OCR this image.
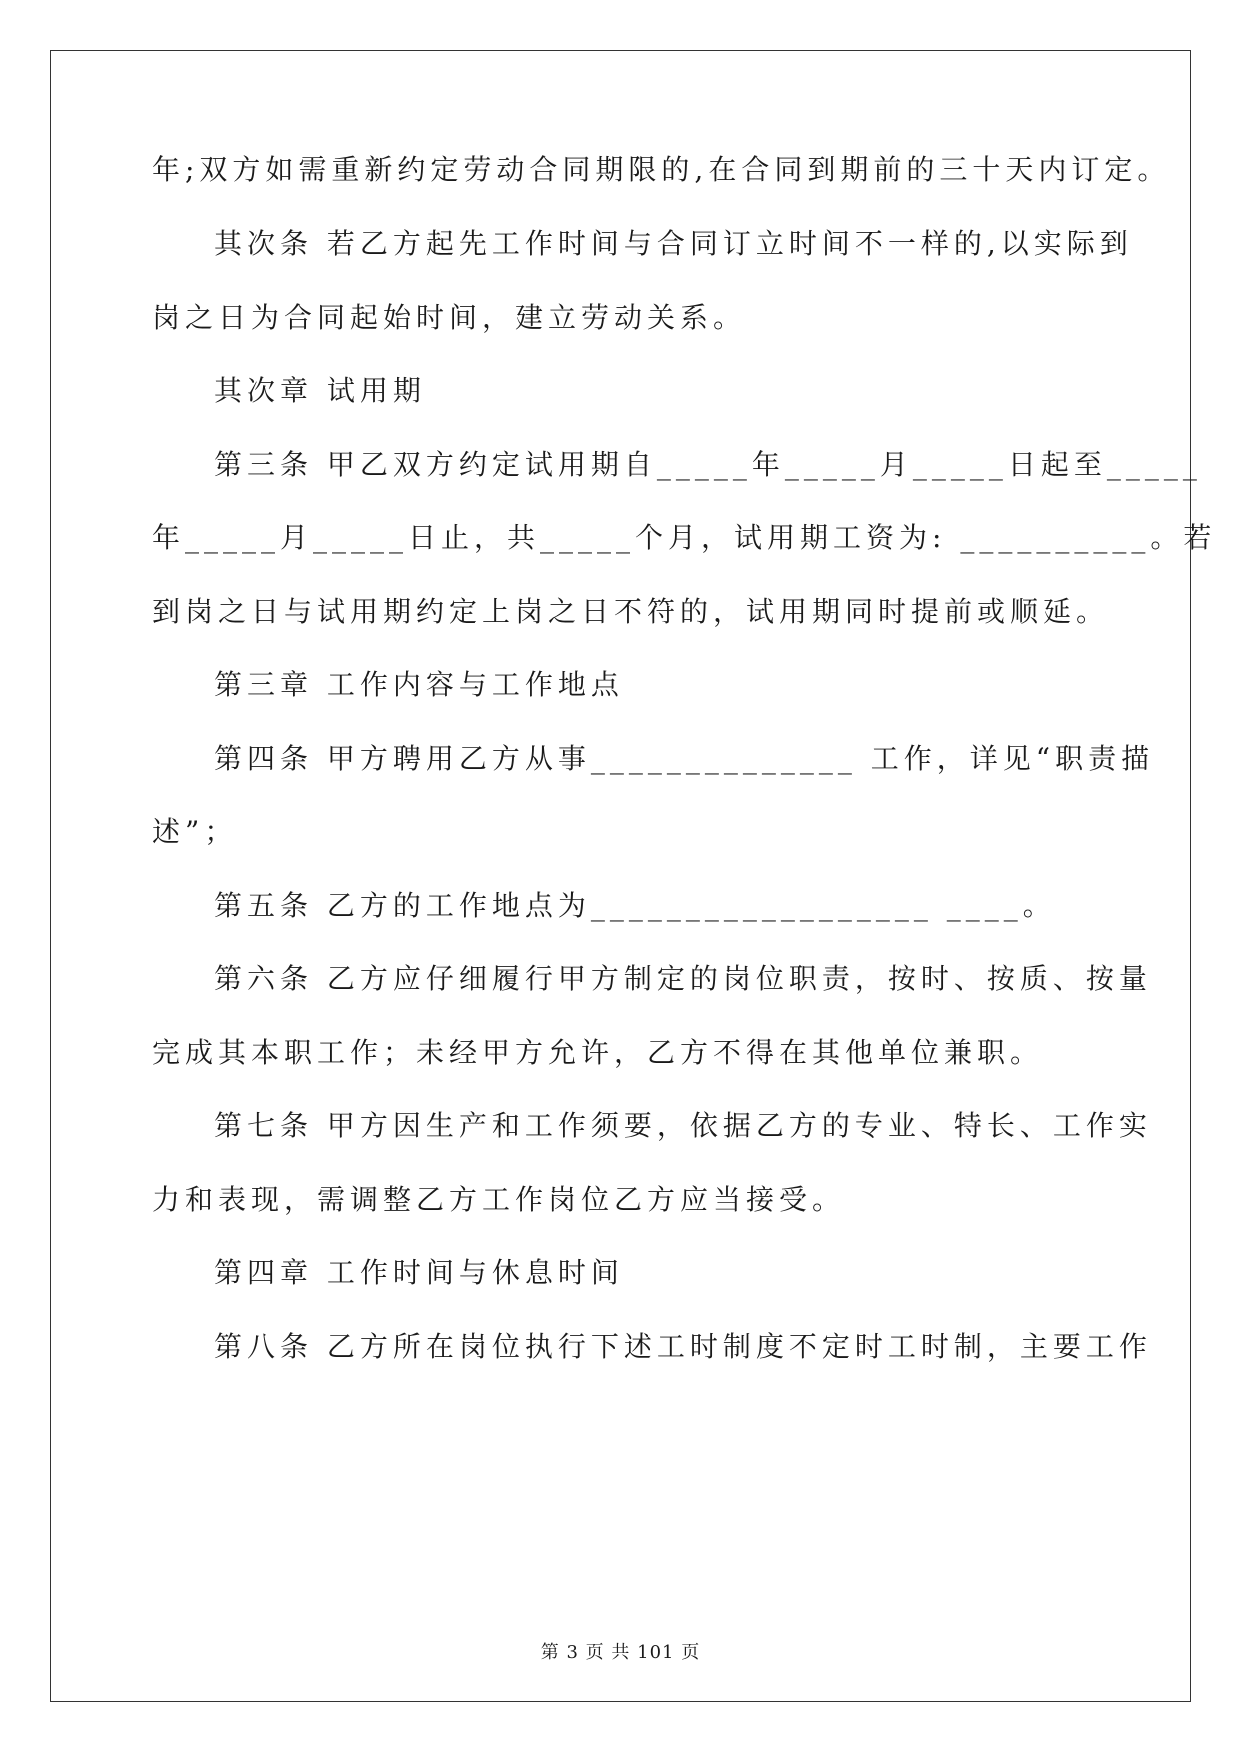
年;双方如需重新约定劳动合同期限的,在合同到期前的三十天内订定。
其次条 若乙方起先工作时间与合同订立时间不一样的,以实际到
岗之日为合同起始时间，建立劳动关系。
其次章 试用期
第三条 甲乙双方约定试用期自_____年_____月_____日起至_____
年_____月_____日止，共_____个月，试用期工资为: __________。若
到岗之日与试用期约定上岗之日不符的，试用期同时提前或顺延。
第三章 工作内容与工作地点
第四条 甲方聘用乙方从事______________ 工作，详见“职责描
述”；
第五条 乙方的工作地点为__________________ ____。
第六条 乙方应仔细履行甲方制定的岗位职责，按时、按质、按量
完成其本职工作；未经甲方允许，乙方不得在其他单位兼职。
第七条 甲方因生产和工作须要，依据乙方的专业、特长、工作实
力和表现，需调整乙方工作岗位乙方应当接受。
第四章 工作时间与休息时间
第八条 乙方所在岗位执行下述工时制度不定时工时制，主要工作
第 3 页 共 101 页
